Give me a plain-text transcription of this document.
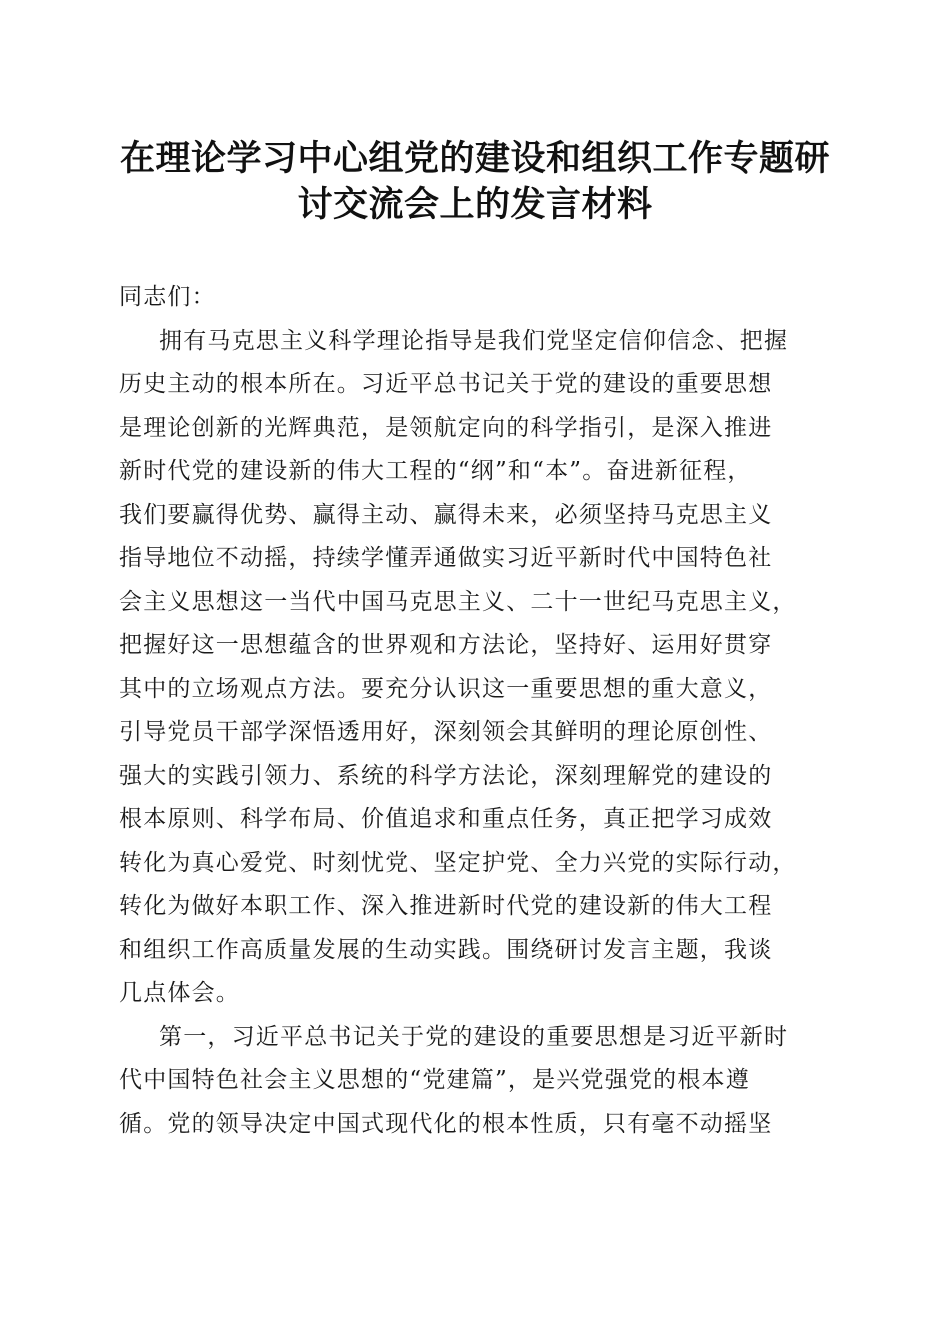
在理论学习中心组党的建设和组织工作专题研
讨交流会上的发言材料
同志们：
拥有马克思主义科学理论指导是我们党坚定信仰信念、把握
历史主动的根本所在。习近平总书记关于党的建设的重要思想
是理论创新的光辉典范，是领航定向的科学指引，是深入推进
新时代党的建设新的伟大工程的“纲”和“本”。奋进新征程，
我们要赢得优势、赢得主动、赢得未来，必须坚持马克思主义
指导地位不动摇，持续学懂弄通做实习近平新时代中国特色社
会主义思想这一当代中国马克思主义、二十一世纪马克思主义，
把握好这一思想蕴含的世界观和方法论，坚持好、运用好贯穿
其中的立场观点方法。要充分认识这一重要思想的重大意义，
引导党员干部学深悟透用好，深刻领会其鲜明的理论原创性、
强大的实践引领力、系统的科学方法论，深刻理解党的建设的
根本原则、科学布局、价值追求和重点任务，真正把学习成效
转化为真心爱党、时刻忧党、坚定护党、全力兴党的实际行动，
转化为做好本职工作、深入推进新时代党的建设新的伟大工程
和组织工作高质量发展的生动实践。围绕研讨发言主题，我谈
几点体会。
第一，习近平总书记关于党的建设的重要思想是习近平新时
代中国特色社会主义思想的“党建篇”，是兴党强党的根本遵
循。党的领导决定中国式现代化的根本性质，只有毫不动摇坚
